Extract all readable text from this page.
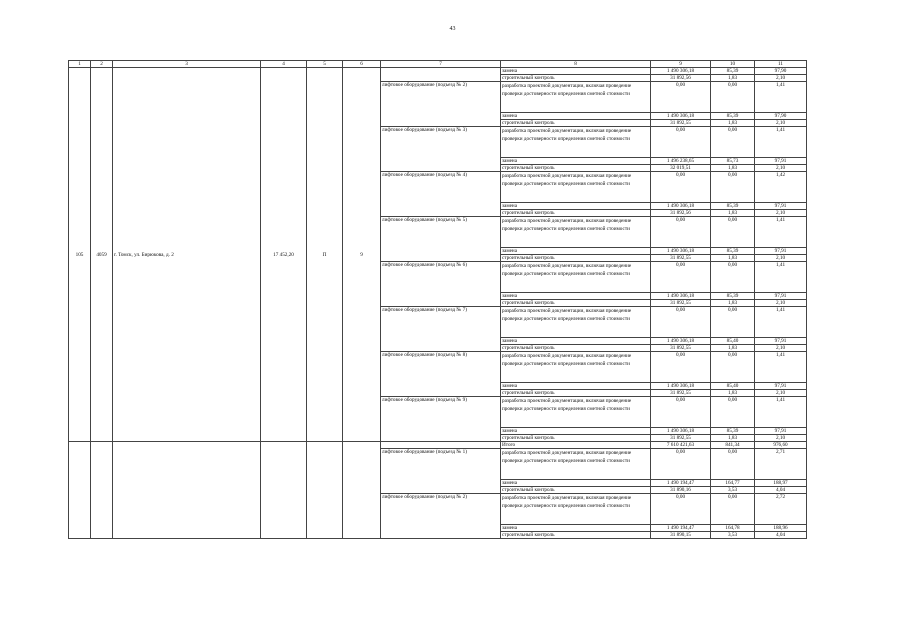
43
1	2	3	4	5	6	7	8	9	10	11
105	4059	г. Томск, ул. Бирюкова, д. 2	17 452,20	П	9		замена	1 490 306,18	85,39	97,90
							строительный контроль	31 892,56	1,83	2,10
						лифтовое оборудование (подъезд № 2)	разработка проектной документации, включая проведение проверки достоверности определения сметной стоимости	0,00	0,00	1,41
							замена	1 490 306,18	85,39	97,90
							строительный контроль	31 892,55	1,83	2,10
						лифтовое оборудование (подъезд № 3)	разработка проектной документации, включая проведение проверки достоверности определения сметной стоимости	0,00	0,00	1,41
							замена	1 496 238,65	85,73	97,91
							строительный контроль	32 019,51	1,83	2,10
						лифтовое оборудование (подъезд № 4)	разработка проектной документации, включая проведение проверки достоверности определения сметной стоимости	0,00	0,00	1,42
							замена	1 490 306,18	85,39	97,91
							строительный контроль	31 892,56	1,83	2,10
						лифтовое оборудование (подъезд № 5)	разработка проектной документации, включая проведение проверки достоверности определения сметной стоимости	0,00	0,00	1,41
							замена	1 490 306,18	85,39	97,91
							строительный контроль	31 892,55	1,83	2,10
						лифтовое оборудование (подъезд № 6)	разработка проектной документации, включая проведение проверки достоверности определения сметной стоимости	0,00	0,00	1,41
							замена	1 490 306,18	85,39	97,91
							строительный контроль	31 892,55	1,83	2,10
						лифтовое оборудование (подъезд № 7)	разработка проектной документации, включая проведение проверки достоверности определения сметной стоимости	0,00	0,00	1,41
							замена	1 490 306,18	85,40	97,91
							строительный контроль	31 892,55	1,83	2,10
						лифтовое оборудование (подъезд № 8)	разработка проектной документации, включая проведение проверки достоверности определения сметной стоимости	0,00	0,00	1,41
							замена	1 490 306,18	85,40	97,91
							строительный контроль	31 892,55	1,83	2,10
						лифтовое оборудование (подъезд № 9)	разработка проектной документации, включая проведение проверки достоверности определения сметной стоимости	0,00	0,00	1,41
							замена	1 490 306,18	85,39	97,91
							строительный контроль	31 892,55	1,83	2,10
							Итого	7 610 421,63	841,34	976,60
						лифтовое оборудование (подъезд № 1)	разработка проектной документации, включая проведение проверки достоверности определения сметной стоимости	0,00	0,00	2,71
							замена	1 490 194,47	164,77	188,97
							строительный контроль	31 890,16	3,53	4,04
						лифтовое оборудование (подъезд № 2)	разработка проектной документации, включая проведение проверки достоверности определения сметной стоимости	0,00	0,00	2,72
							замена	1 490 194,47	164,78	188,96
							строительный контроль	31 890,15	3,53	4,04
